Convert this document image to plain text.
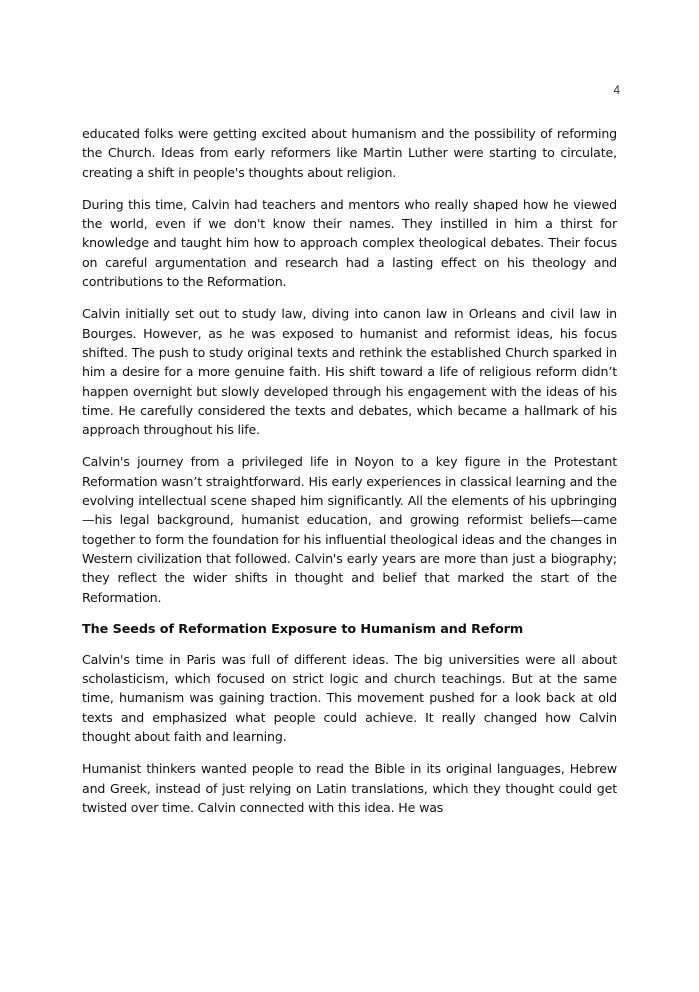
4

educated folks were getting excited about humanism and the possibility of reforming the Church. Ideas from early reformers like Martin Luther were starting to circulate, creating a shift in people's thoughts about religion.

During this time, Calvin had teachers and mentors who really shaped how he viewed the world, even if we don't know their names. They instilled in him a thirst for knowledge and taught him how to approach complex theological debates. Their focus on careful argumentation and research had a lasting effect on his theology and contributions to the Reformation.

Calvin initially set out to study law, diving into canon law in Orleans and civil law in Bourges. However, as he was exposed to humanist and reformist ideas, his focus shifted. The push to study original texts and rethink the established Church sparked in him a desire for a more genuine faith. His shift toward a life of religious reform didn’t happen overnight but slowly developed through his engagement with the ideas of his time. He carefully considered the texts and debates, which became a hallmark of his approach throughout his life.

Calvin's journey from a privileged life in Noyon to a key figure in the Protestant Reformation wasn’t straightforward. His early experiences in classical learning and the evolving intellectual scene shaped him significantly. All the elements of his upbringing—his legal background, humanist education, and growing reformist beliefs—came together to form the foundation for his influential theological ideas and the changes in Western civilization that followed. Calvin's early years are more than just a biography; they reflect the wider shifts in thought and belief that marked the start of the Reformation.

The Seeds of Reformation Exposure to Humanism and Reform

Calvin's time in Paris was full of different ideas. The big universities were all about scholasticism, which focused on strict logic and church teachings. But at the same time, humanism was gaining traction. This movement pushed for a look back at old texts and emphasized what people could achieve. It really changed how Calvin thought about faith and learning.

Humanist thinkers wanted people to read the Bible in its original languages, Hebrew and Greek, instead of just relying on Latin translations, which they thought could get twisted over time. Calvin connected with this idea. He was
